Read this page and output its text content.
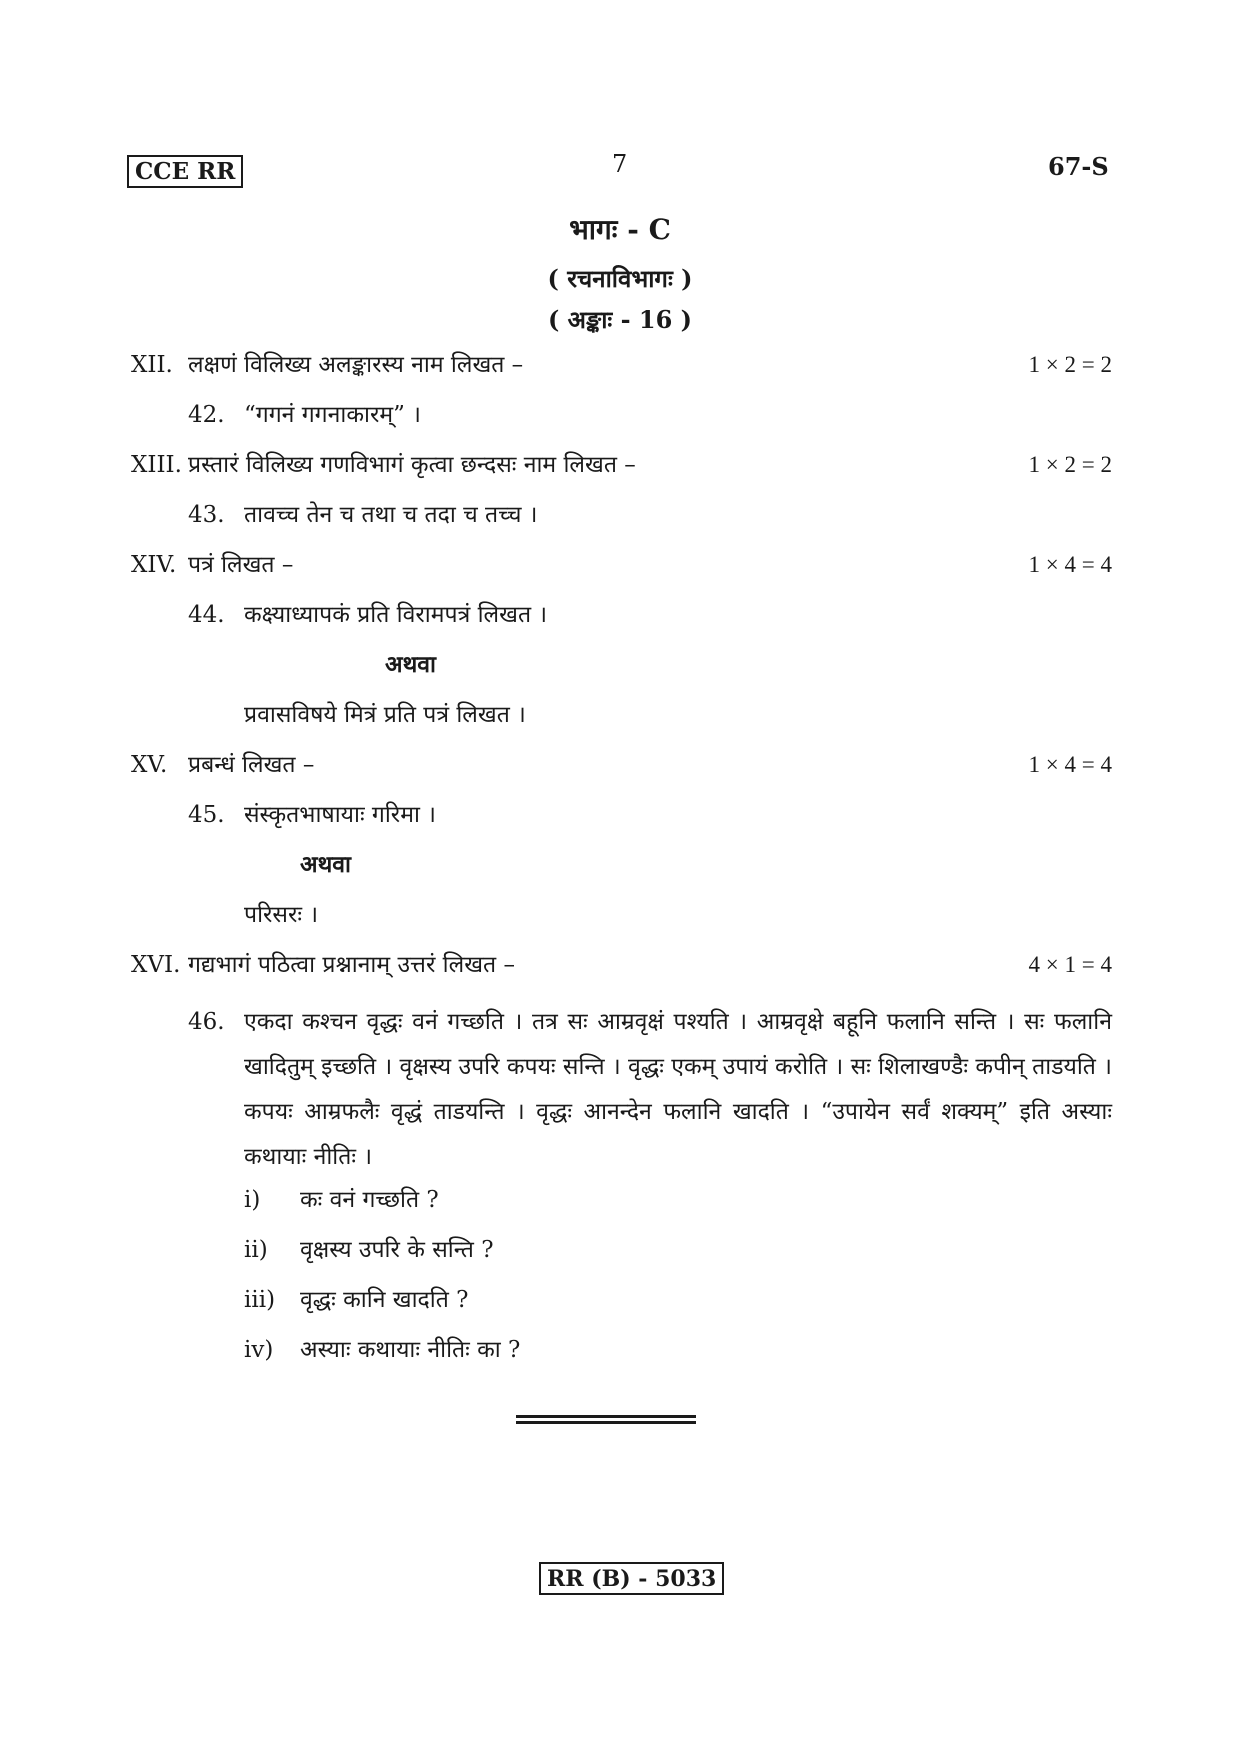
CCE RR	7	67-S
भागः - C
( रचनाविभागः )
( अङ्काः - 16 )
XII. लक्षणं विलिख्य अलङ्कारस्य नाम लिखत –	1 × 2 = 2
42. “गगनं गगनाकारम्” ।
XIII. प्रस्तारं विलिख्य गणविभागं कृत्वा छन्दसः नाम लिखत –	1 × 2 = 2
43. तावच्च तेन च तथा च तदा च तच्च ।
XIV. पत्रं लिखत –	1 × 4 = 4
44. कक्ष्याध्यापकं प्रति विरामपत्रं लिखत ।
अथवा
प्रवासविषये मित्रं प्रति पत्रं लिखत ।
XV. प्रबन्धं लिखत –	1 × 4 = 4
45. संस्कृतभाषायाः गरिमा ।
अथवा
परिसरः ।
XVI. गद्यभागं पठित्वा प्रश्नानाम् उत्तरं लिखत –	4 × 1 = 4
46. एकदा कश्चन वृद्धः वनं गच्छति । तत्र सः आम्रवृक्षं पश्यति । आम्रवृक्षे बहूनि फलानि सन्ति । सः फलानि खादितुम् इच्छति । वृक्षस्य उपरि कपयः सन्ति । वृद्धः एकम् उपायं करोति । सः शिलाखण्डैः कपीन् ताडयति । कपयः आम्रफलैः वृद्धं ताडयन्ति । वृद्धः आनन्देन फलानि खादति । “उपायेन सर्वं शक्यम्” इति अस्याः कथायाः नीतिः ।
i) कः वनं गच्छति ?
ii) वृक्षस्य उपरि के सन्ति ?
iii) वृद्धः कानि खादति ?
iv) अस्याः कथायाः नीतिः का ?
RR (B) - 5033
